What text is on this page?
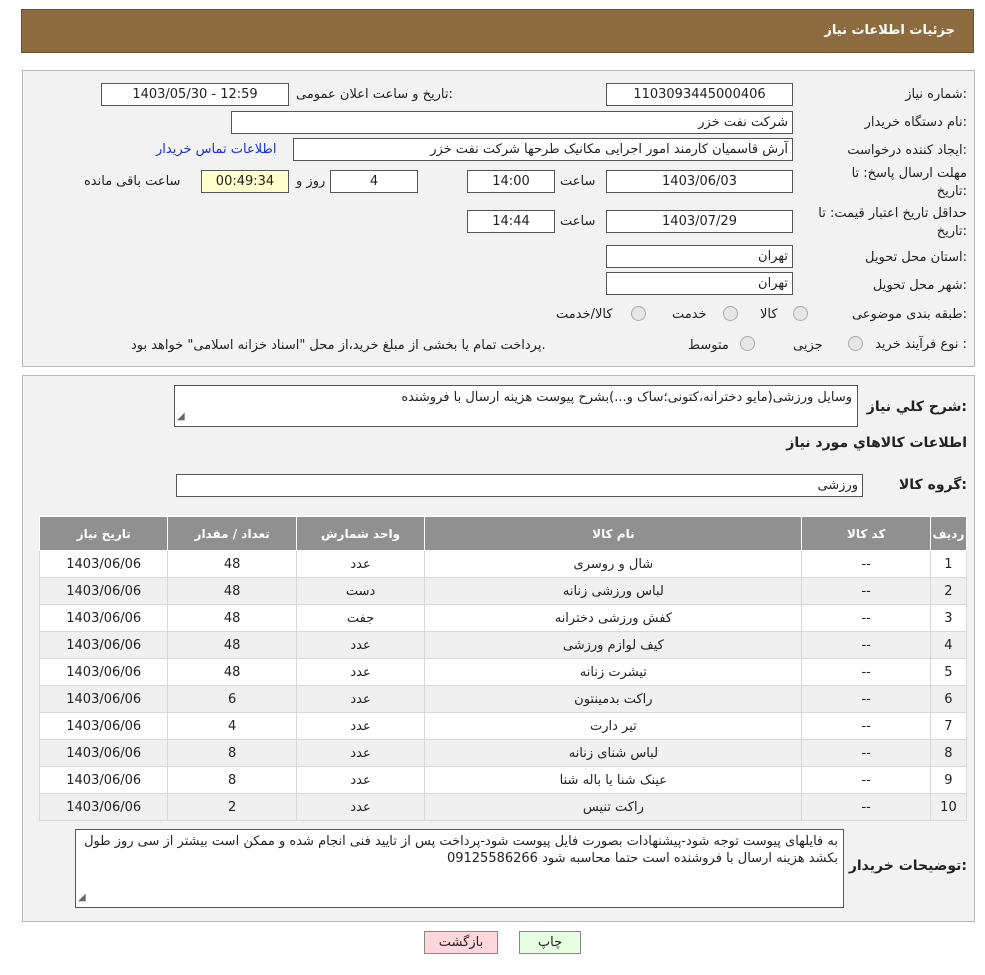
جزئیات اطلاعات نیاز
شماره نیاز:
1103093445000406
تاریخ و ساعت اعلان عمومی:
1403/05/30 - 12:59
نام دستگاه خریدار:
شرکت نفت خزر
ایجاد کننده درخواست:
آرش قاسمیان کارمند امور اجرایی مکانیک طرحها شرکت نفت خزر
اطلاعات تماس خریدار
مهلت ارسال پاسخ: تا
تاریخ:
1403/06/03
ساعت
14:00
4
روز و
00:49:34
ساعت باقی مانده
حداقل تاریخ اعتبار قیمت: تا
تاریخ:
1403/07/29
ساعت
14:44
استان محل تحویل:
تهران
شهر محل تحویل:
تهران
طبقه بندی موضوعی:
کالا
خدمت
کالا/خدمت
نوع فرآیند خرید :
جزیی
متوسط
پرداخت تمام یا بخشی از مبلغ خرید،از محل "اسناد خزانه اسلامی" خواهد بود.
شرح کلي نياز:
وسایل ورزشی(مایو دخترانه،کتونی؛ساک و...)بشرح پیوست هزینه ارسال با فروشنده
◢
اطلاعات کالاهاي مورد نياز
گروه کالا:
ورزشی
رديف	کد کالا	نام کالا	واحد شمارش	تعداد / مقدار	تاریخ نیاز
1	--	شال و روسری	عدد	48	1403/06/06
2	--	لباس ورزشی زنانه	دست	48	1403/06/06
3	--	کفش ورزشی دخترانه	جفت	48	1403/06/06
4	--	کیف لوازم ورزشی	عدد	48	1403/06/06
5	--	تیشرت زنانه	عدد	48	1403/06/06
6	--	راکت بدمینتون	عدد	6	1403/06/06
7	--	تیر دارت	عدد	4	1403/06/06
8	--	لباس شنای زنانه	عدد	8	1403/06/06
9	--	عینک شنا یا باله شنا	عدد	8	1403/06/06
10	--	راکت تنیس	عدد	2	1403/06/06
توضیحات خریدار:
به فایلهای پیوست توجه شود-پیشنهادات بصورت فایل پیوست شود-پرداخت پس از تایید فنی انجام شده و ممکن است بیشتر از سی روز طول بکشد هزینه ارسال با فروشنده است حتما محاسبه شود 09125586266
◢
چاپ
بازگشت
